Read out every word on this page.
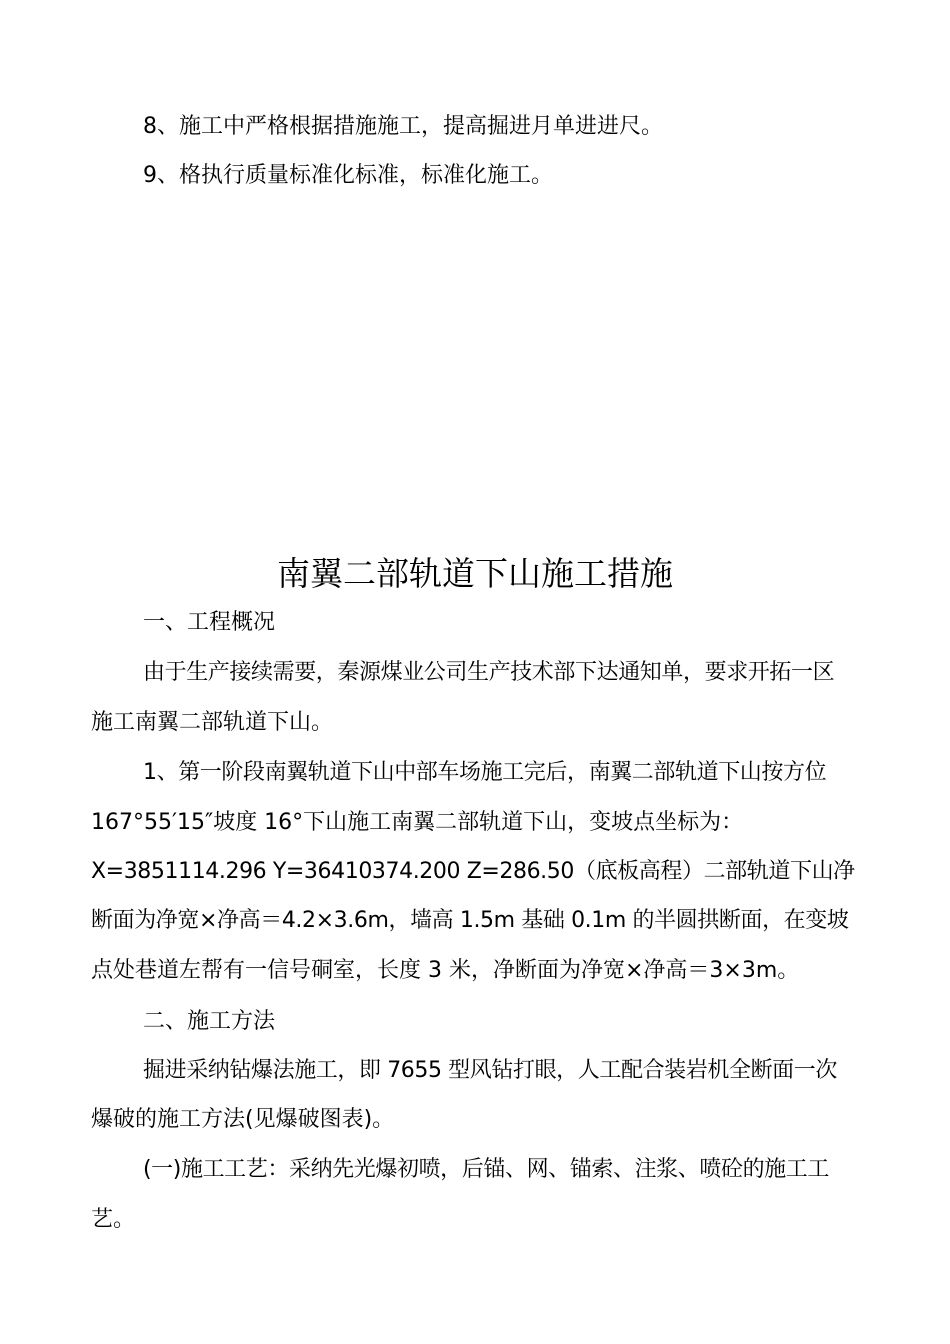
8、施工中严格根据措施施工，提高掘进月单进进尺。
9、格执行质量标准化标准，标准化施工。
南翼二部轨道下山施工措施
一、工程概况
由于生产接续需要，秦源煤业公司生产技术部下达通知单，要求开拓一区
施工南翼二部轨道下山。
1、第一阶段南翼轨道下山中部车场施工完后，南翼二部轨道下山按方位
167°55′15″坡度 16°下山施工南翼二部轨道下山，变坡点坐标为：
X=3851114.296 Y=36410374.200 Z=286.50（底板高程）二部轨道下山净
断面为净宽×净高＝4.2×3.6m，墙高 1.5m 基础 0.1m 的半圆拱断面，在变坡
点处巷道左帮有一信号硐室，长度 3 米，净断面为净宽×净高＝3×3m。
二、施工方法
掘进采纳钻爆法施工，即 7655 型风钻打眼，人工配合装岩机全断面一次
爆破的施工方法(见爆破图表)。
(一)施工工艺：采纳先光爆初喷，后锚、网、锚索、注浆、喷砼的施工工
艺。
